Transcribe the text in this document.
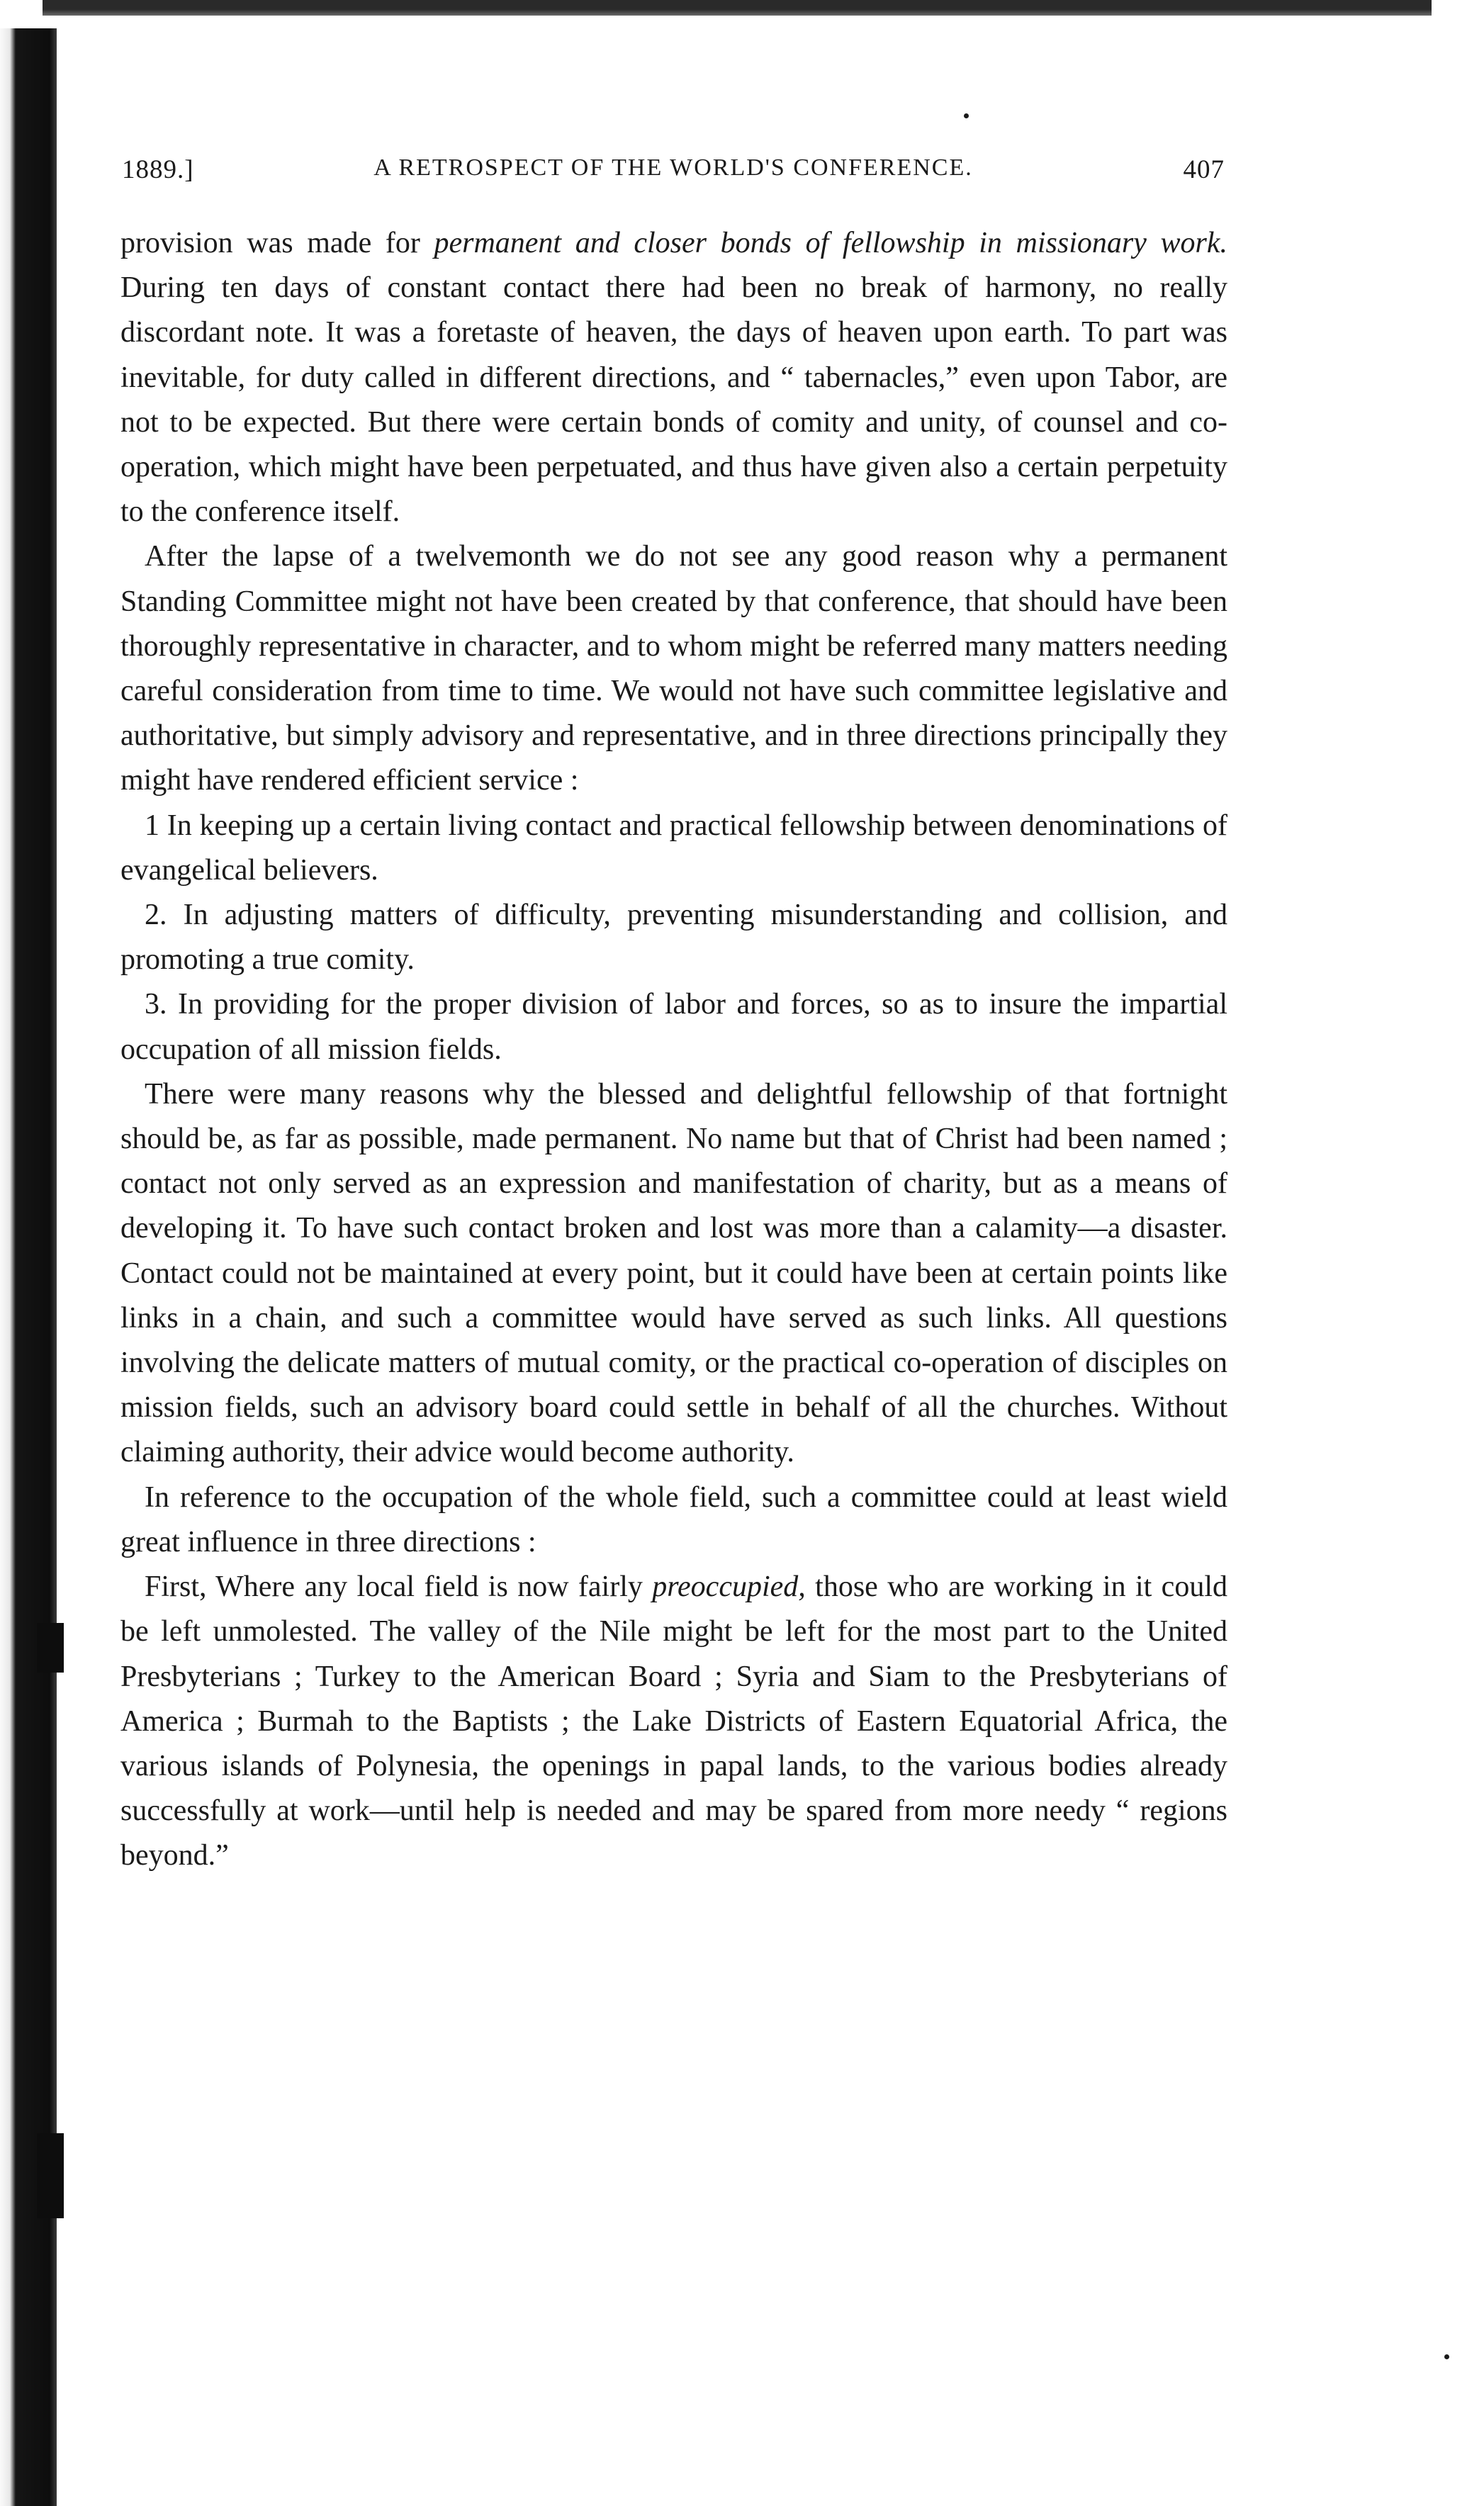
1889.]	A RETROSPECT OF THE WORLD'S CONFERENCE.	407

provision was made for permanent and closer bonds of fellowship in missionary work. During ten days of constant contact there had been no break of harmony, no really discordant note. It was a foretaste of heaven, the days of heaven upon earth. To part was inevitable, for duty called in different directions, and “ tabernacles,” even upon Tabor, are not to be expected. But there were certain bonds of comity and unity, of counsel and co-operation, which might have been perpetuated, and thus have given also a certain perpetuity to the conference itself.

After the lapse of a twelvemonth we do not see any good reason why a permanent Standing Committee might not have been created by that conference, that should have been thoroughly representative in character, and to whom might be referred many matters needing careful consideration from time to time. We would not have such committee legislative and authoritative, but simply advisory and representative, and in three directions principally they might have rendered efficient service :

1 In keeping up a certain living contact and practical fellowship between denominations of evangelical believers.

2. In adjusting matters of difficulty, preventing misunderstanding and collision, and promoting a true comity.

3. In providing for the proper division of labor and forces, so as to insure the impartial occupation of all mission fields.

There were many reasons why the blessed and delightful fellowship of that fortnight should be, as far as possible, made permanent. No name but that of Christ had been named ; contact not only served as an expression and manifestation of charity, but as a means of developing it. To have such contact broken and lost was more than a calamity—a disaster. Contact could not be maintained at every point, but it could have been at certain points like links in a chain, and such a committee would have served as such links. All questions involving the delicate matters of mutual comity, or the practical co-operation of disciples on mission fields, such an advisory board could settle in behalf of all the churches. Without claiming authority, their advice would become authority.

In reference to the occupation of the whole field, such a committee could at least wield great influence in three directions :

First, Where any local field is now fairly preoccupied, those who are working in it could be left unmolested. The valley of the Nile might be left for the most part to the United Presbyterians ; Turkey to the American Board ; Syria and Siam to the Presbyterians of America ; Burmah to the Baptists ; the Lake Districts of Eastern Equatorial Africa, the various islands of Polynesia, the openings in papal lands, to the various bodies already successfully at work—until help is needed and may be spared from more needy “ regions beyond.”
